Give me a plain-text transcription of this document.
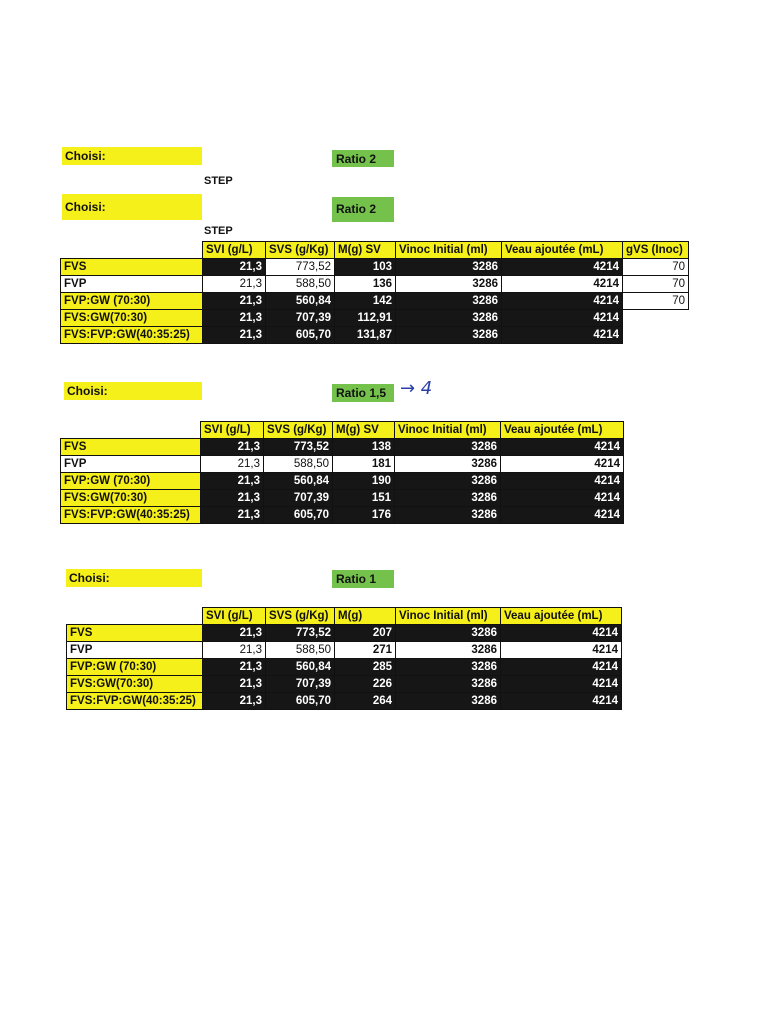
Choisi:	Ratio 2
STEP
Choisi:	Ratio 2
STEP
	SVI (g/L)	SVS (g/Kg)	M(g) SV	Vinoc Initial (ml)	Veau ajoutée (mL)	gVS (Inoc)
FVS	21,3	773,52	103	3286	4214	70
FVP	21,3	588,50	136	3286	4214	70
FVP:GW (70:30)	21,3	560,84	142	3286	4214	70
FVS:GW(70:30)	21,3	707,39	112,91	3286	4214	
FVS:FVP:GW(40:35:25)	21,3	605,70	131,87	3286	4214	
Choisi:	Ratio 1,5 → 4
	SVI (g/L)	SVS (g/Kg)	M(g) SV	Vinoc Initial (ml)	Veau ajoutée (mL)
FVS	21,3	773,52	138	3286	4214
FVP	21,3	588,50	181	3286	4214
FVP:GW (70:30)	21,3	560,84	190	3286	4214
FVS:GW(70:30)	21,3	707,39	151	3286	4214
FVS:FVP:GW(40:35:25)	21,3	605,70	176	3286	4214
Choisi:	Ratio 1
	SVI (g/L)	SVS (g/Kg)	M(g)	Vinoc Initial (ml)	Veau ajoutée (mL)
FVS	21,3	773,52	207	3286	4214
FVP	21,3	588,50	271	3286	4214
FVP:GW (70:30)	21,3	560,84	285	3286	4214
FVS:GW(70:30)	21,3	707,39	226	3286	4214
FVS:FVP:GW(40:35:25)	21,3	605,70	264	3286	4214
